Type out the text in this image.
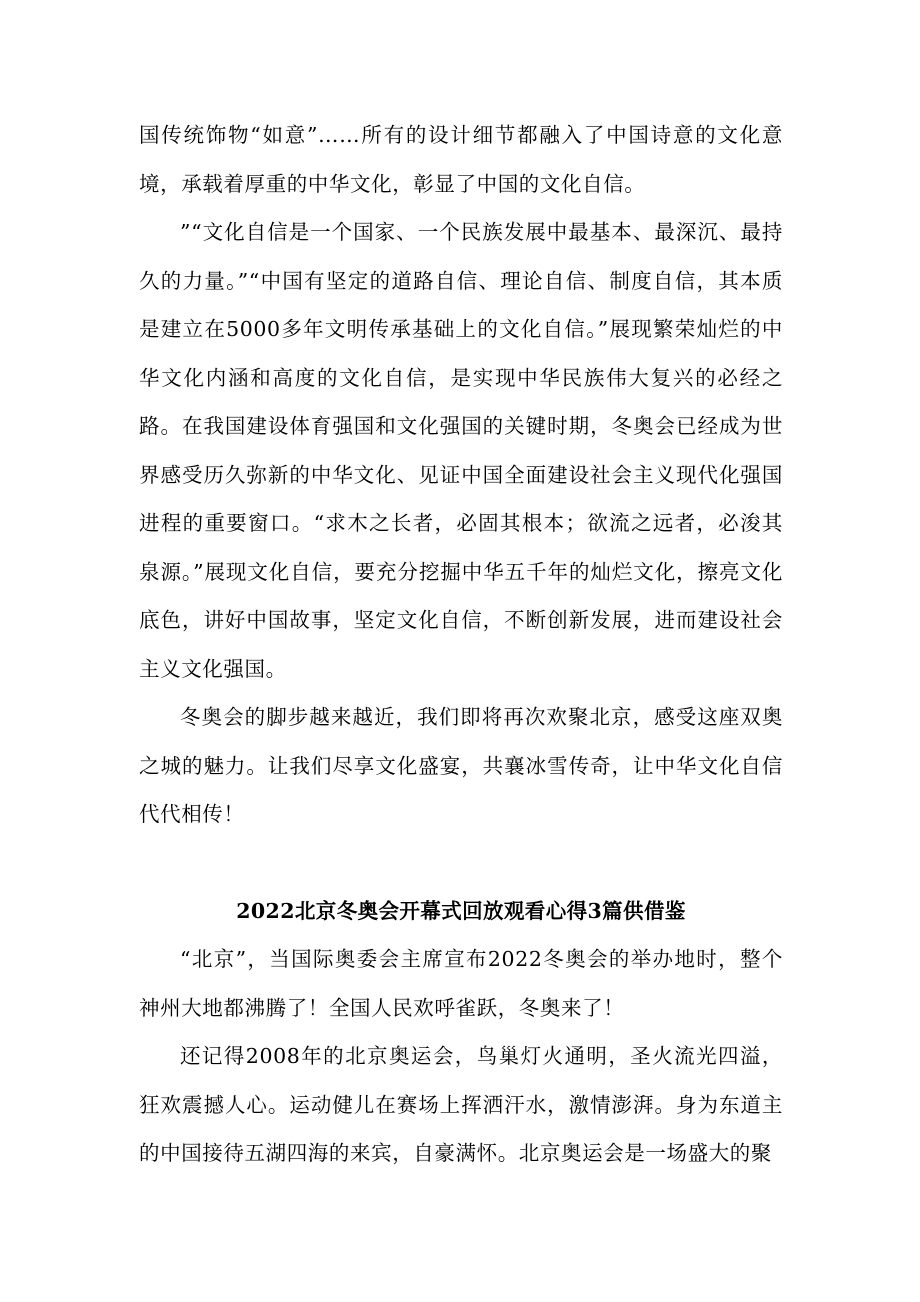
国传统饰物“如意”……所有的设计细节都融入了中国诗意的文化意境，承载着厚重的中华文化，彰显了中国的文化自信。

”“文化自信是一个国家、一个民族发展中最基本、最深沉、最持久的力量。”“中国有坚定的道路自信、理论自信、制度自信，其本质是建立在5000多年文明传承基础上的文化自信。”展现繁荣灿烂的中华文化内涵和高度的文化自信，是实现中华民族伟大复兴的必经之路。在我国建设体育强国和文化强国的关键时期，冬奥会已经成为世界感受历久弥新的中华文化、见证中国全面建设社会主义现代化强国进程的重要窗口。“求木之长者，必固其根本；欲流之远者，必浚其泉源。”展现文化自信，要充分挖掘中华五千年的灿烂文化，擦亮文化底色，讲好中国故事，坚定文化自信，不断创新发展，进而建设社会主义文化强国。

冬奥会的脚步越来越近，我们即将再次欢聚北京，感受这座双奥之城的魅力。让我们尽享文化盛宴，共襄冰雪传奇，让中华文化自信代代相传！

2022北京冬奥会开幕式回放观看心得3篇供借鉴

“北京”，当国际奥委会主席宣布2022冬奥会的举办地时，整个神州大地都沸腾了！全国人民欢呼雀跃，冬奥来了！

还记得2008年的北京奥运会，鸟巢灯火通明，圣火流光四溢，狂欢震撼人心。运动健儿在赛场上挥洒汗水，激情澎湃。身为东道主的中国接待五湖四海的来宾，自豪满怀。北京奥运会是一场盛大的聚
